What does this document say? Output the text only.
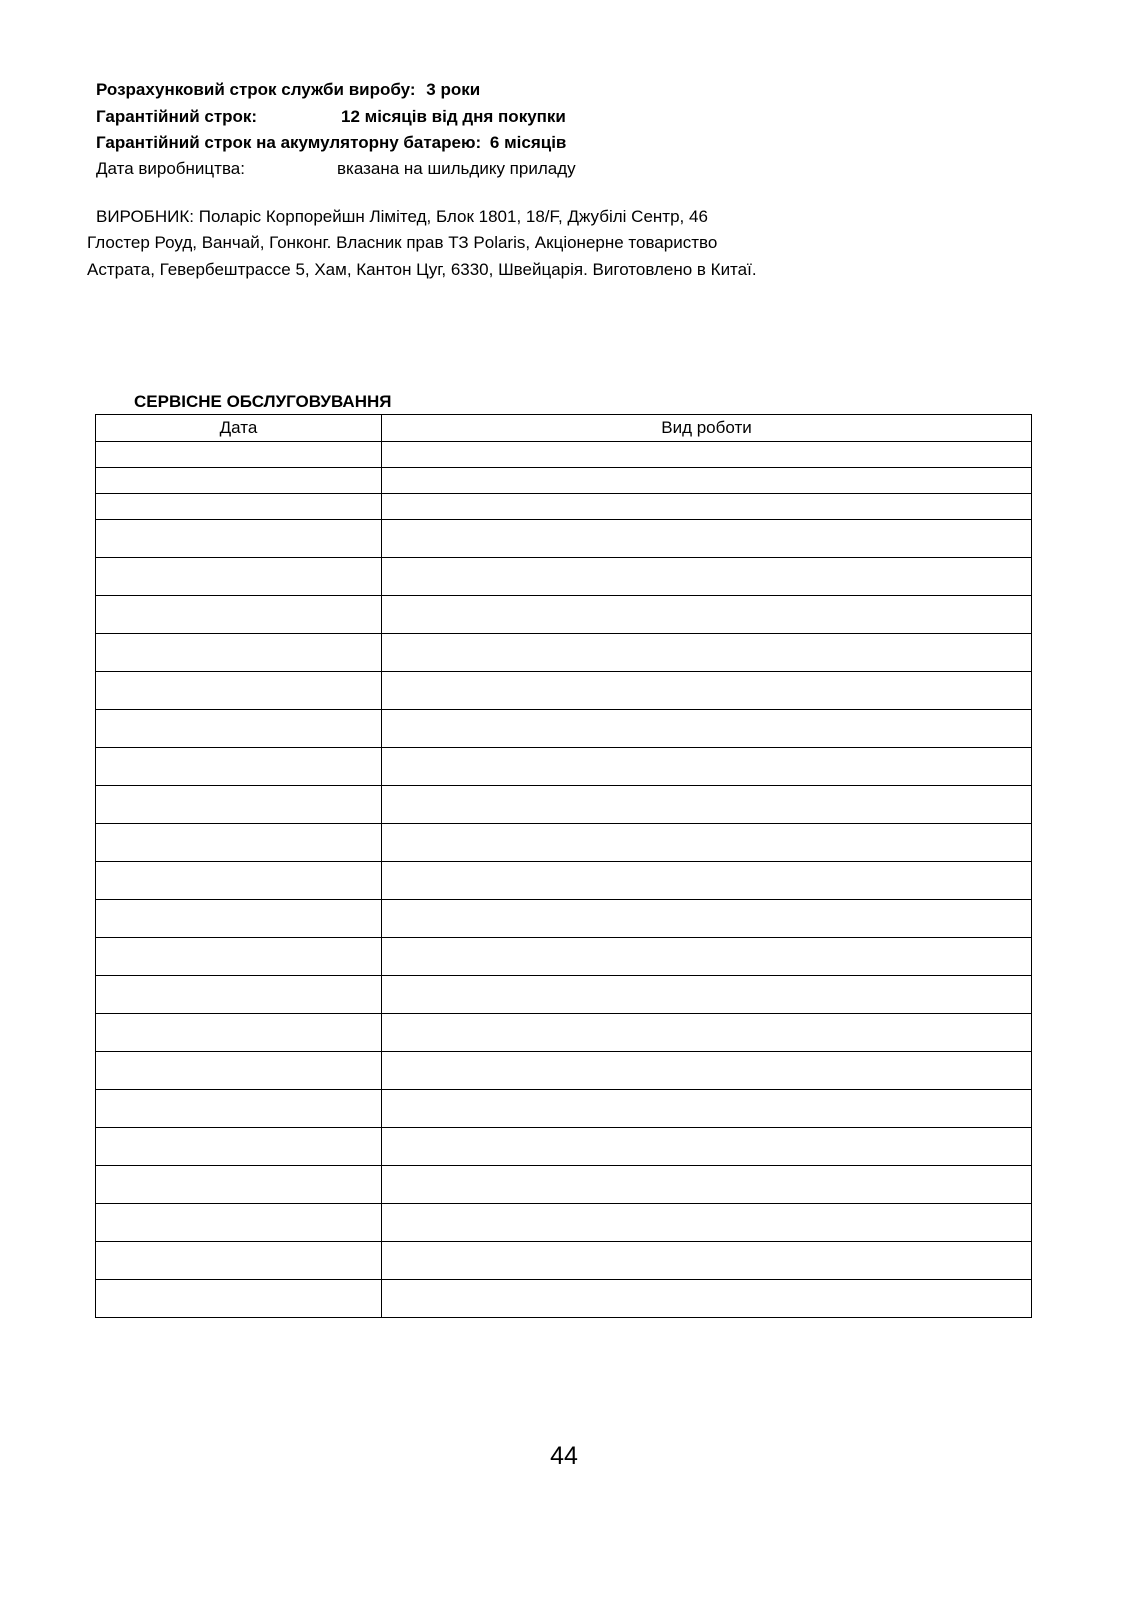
Розрахунковий строк служби виробу: 3 роки
Гарантійний строк:	12 місяців від дня покупки
Гарантійний строк на акумуляторну батарею: 6 місяців
Дата виробництва:	вказана на шильдику приладу
ВИРОБНИК: Поларіс Корпорейшн Лімітед, Блок 1801, 18/F, Джубілі Сентр, 46
Глостер Роуд, Ванчай, Гонконг. Власник прав ТЗ Polaris, Акціонерне товариство
Астрата, Гевербештрассе 5, Хам, Кантон Цуг, 6330, Швейцарія. Виготовлено в Китаї.
СЕРВІСНЕ ОБСЛУГОВУВАННЯ
Дата	Вид роботи

44
